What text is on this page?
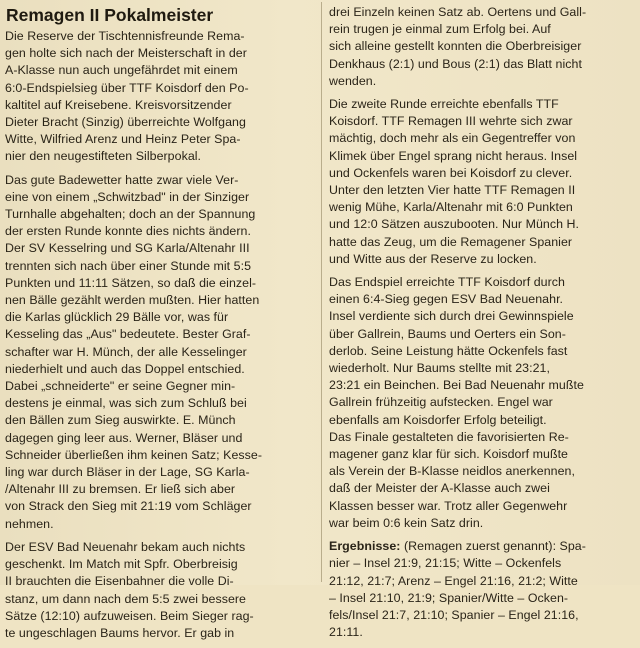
Remagen II Pokalmeister
Die Reserve der Tischtennisfreunde Rema-
gen holte sich nach der Meisterschaft in der
A-Klasse nun auch ungefährdet mit einem
6:0-Endspielsieg über TTF Koisdorf den Po-
kaltitel auf Kreisebene. Kreisvorsitzender
Dieter Bracht (Sinzig) überreichte Wolfgang
Witte, Wilfried Arenz und Heinz Peter Spa-
nier den neugestifteten Silberpokal.
Das gute Badewetter hatte zwar viele Ver-
eine von einem „Schwitzbad" in der Sinziger
Turnhalle abgehalten; doch an der Spannung
der ersten Runde konnte dies nichts ändern.
Der SV Kesselring und SG Karla/Altenahr III
trennten sich nach über einer Stunde mit 5:5
Punkten und 11:11 Sätzen, so daß die einzel-
nen Bälle gezählt werden mußten. Hier hatten
die Karlas glücklich 29 Bälle vor, was für
Kesseling das „Aus" bedeutete. Bester Graf-
schafter war H. Münch, der alle Kesselinger
niederhielt und auch das Doppel entschied.
Dabei „schneiderte" er seine Gegner min-
destens je einmal, was sich zum Schluß bei
den Bällen zum Sieg auswirkte. E. Münch
dagegen ging leer aus. Werner, Bläser und
Schneider überließen ihm keinen Satz; Kesse-
ling war durch Bläser in der Lage, SG Karla-
/Altenahr III zu bremsen. Er ließ sich aber
von Strack den Sieg mit 21:19 vom Schläger
nehmen.
Der ESV Bad Neuenahr bekam auch nichts
geschenkt. Im Match mit Spfr. Oberbreisig
II brauchten die Eisenbahner die volle Di-
stanz, um dann nach dem 5:5 zwei bessere
Sätze (12:10) aufzuweisen. Beim Sieger rag-
te ungeschlagen Baums hervor. Er gab in
drei Einzeln keinen Satz ab. Oertens und Gall-
rein trugen je einmal zum Erfolg bei. Auf
sich alleine gestellt konnten die Oberbreisiger
Denkhaus (2:1) und Bous (2:1) das Blatt nicht
wenden.
Die zweite Runde erreichte ebenfalls TTF
Koisdorf. TTF Remagen III wehrte sich zwar
mächtig, doch mehr als ein Gegentreffer von
Klimek über Engel sprang nicht heraus. Insel
und Ockenfels waren bei Koisdorf zu clever.
Unter den letzten Vier hatte TTF Remagen II
wenig Mühe, Karla/Altenahr mit 6:0 Punkten
und 12:0 Sätzen auszubooten. Nur Münch H.
hatte das Zeug, um die Remagener Spanier
und Witte aus der Reserve zu locken.
Das Endspiel erreichte TTF Koisdorf durch
einen 6:4-Sieg gegen ESV Bad Neuenahr.
Insel verdiente sich durch drei Gewinnspiele
über Gallrein, Baums und Oerters ein Son-
derlob. Seine Leistung hätte Ockenfels fast
wiederholt. Nur Baums stellte mit 23:21,
23:21 ein Beinchen. Bei Bad Neuenahr mußte
Gallrein frühzeitig aufstecken. Engel war
ebenfalls am Koisdorfer Erfolg beteiligt.
Das Finale gestalteten die favorisierten Re-
magener ganz klar für sich. Koisdorf mußte
als Verein der B-Klasse neidlos anerkennen,
daß der Meister der A-Klasse auch zwei
Klassen besser war. Trotz aller Gegenwehr
war beim 0:6 kein Satz drin.
Ergebnisse: (Remagen zuerst genannt): Spa-
nier – Insel 21:9, 21:15; Witte – Ockenfels
21:12, 21:7; Arenz – Engel 21:16, 21:2; Witte
– Insel 21:10, 21:9; Spanier/Witte – Ocken-
fels/Insel 21:7, 21:10; Spanier – Engel 21:16,
21:11.
